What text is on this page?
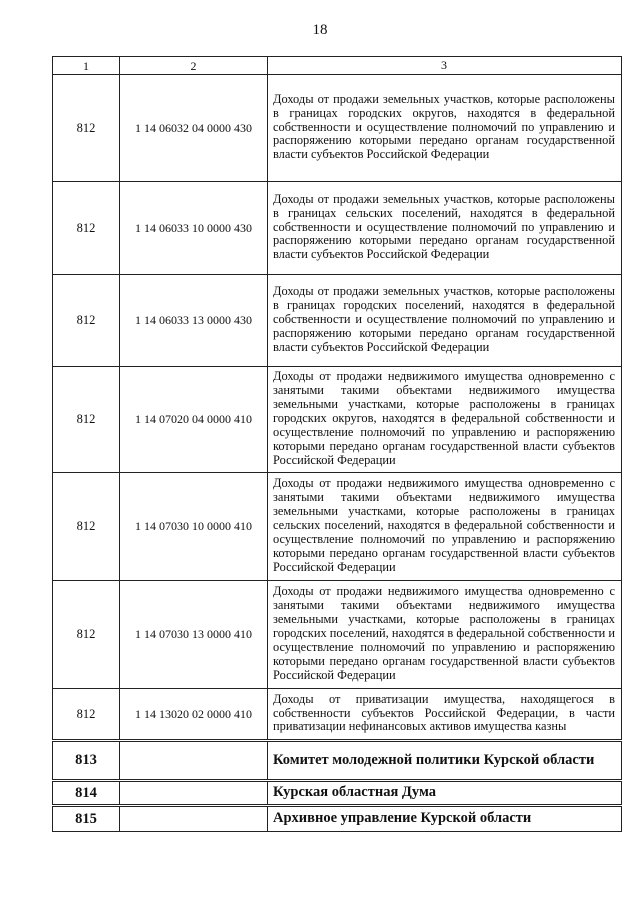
18
1	2	3
812	1 14 06032 04 0000 430	Доходы от продажи земельных участков, которые расположены в границах городских округов, находятся в федеральной собственности и осуществление полномочий по управлению и распоряжению которыми передано органам государственной власти субъектов Российской Федерации
812	1 14 06033 10 0000 430	Доходы от продажи земельных участков, которые расположены в границах сельских поселений, находятся в федеральной собственности и осуществление полномочий по управлению и распоряжению которыми передано органам государственной власти субъектов Российской Федерации
812	1 14 06033 13 0000 430	Доходы от продажи земельных участков, которые расположены в границах городских поселений, находятся в федеральной собственности и осуществление полномочий по управлению и распоряжению которыми передано органам государственной власти субъектов Российской Федерации
812	1 14 07020 04 0000 410	Доходы от продажи недвижимого имущества одновременно с занятыми такими объектами недвижимого имущества земельными участками, которые расположены в границах городских округов, находятся в федеральной собственности и осуществление полномочий по управлению и распоряжению которыми передано органам государственной власти субъектов Российской Федерации
812	1 14 07030 10 0000 410	Доходы от продажи недвижимого имущества одновременно с занятыми такими объектами недвижимого имущества земельными участками, которые расположены в границах сельских поселений, находятся в федеральной собственности и осуществление полномочий по управлению и распоряжению которыми передано органам государственной власти субъектов Российской Федерации
812	1 14 07030 13 0000 410	Доходы от продажи недвижимого имущества одновременно с занятыми такими объектами недвижимого имущества земельными участками, которые расположены в границах городских поселений, находятся в федеральной собственности и осуществление полномочий по управлению и распоряжению которыми передано органам государственной власти субъектов Российской Федерации
812	1 14 13020 02 0000 410	Доходы от приватизации имущества, находящегося в собственности субъектов Российской Федерации, в части приватизации нефинансовых активов имущества казны
813		Комитет молодежной политики Курской области
814		Курская областная Дума
815		Архивное управление Курской области
